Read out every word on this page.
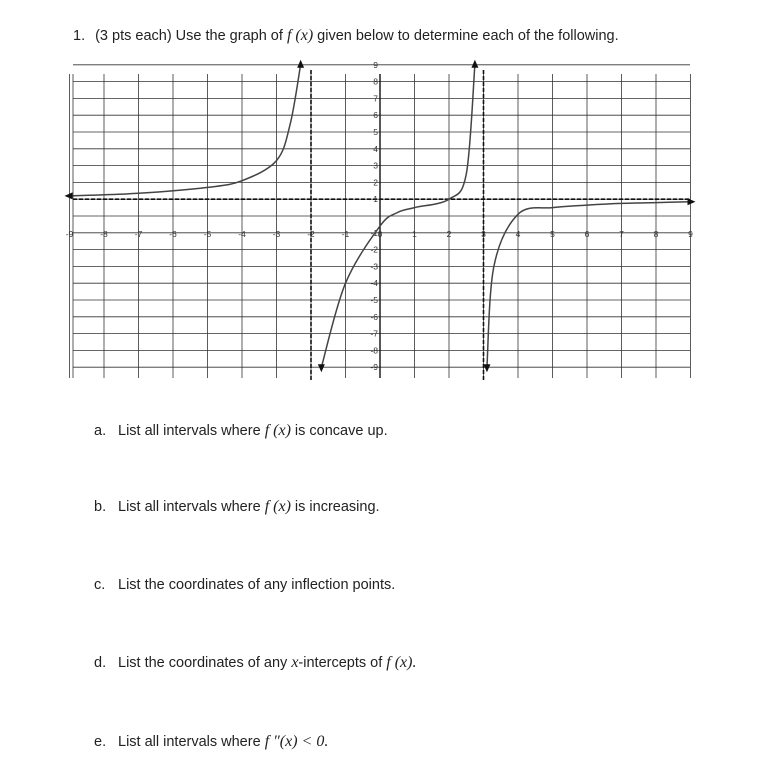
1. (3 pts each) Use the graph of f (x) given below to determine each of the following.
-9	-8	-7	-6	-5	-4	-3	-2	-1	0	1	2	3	4	5	6	7	8	9
9
8
7
6
5
4
3
2
1
-1
-2
-3
-4
-5
-6
-7
-8
-9
a. List all intervals where f (x) is concave up.
b. List all intervals where f (x) is increasing.
c. List the coordinates of any inflection points.
d. List the coordinates of any x-intercepts of f (x).
e. List all intervals where f ″(x) < 0.
